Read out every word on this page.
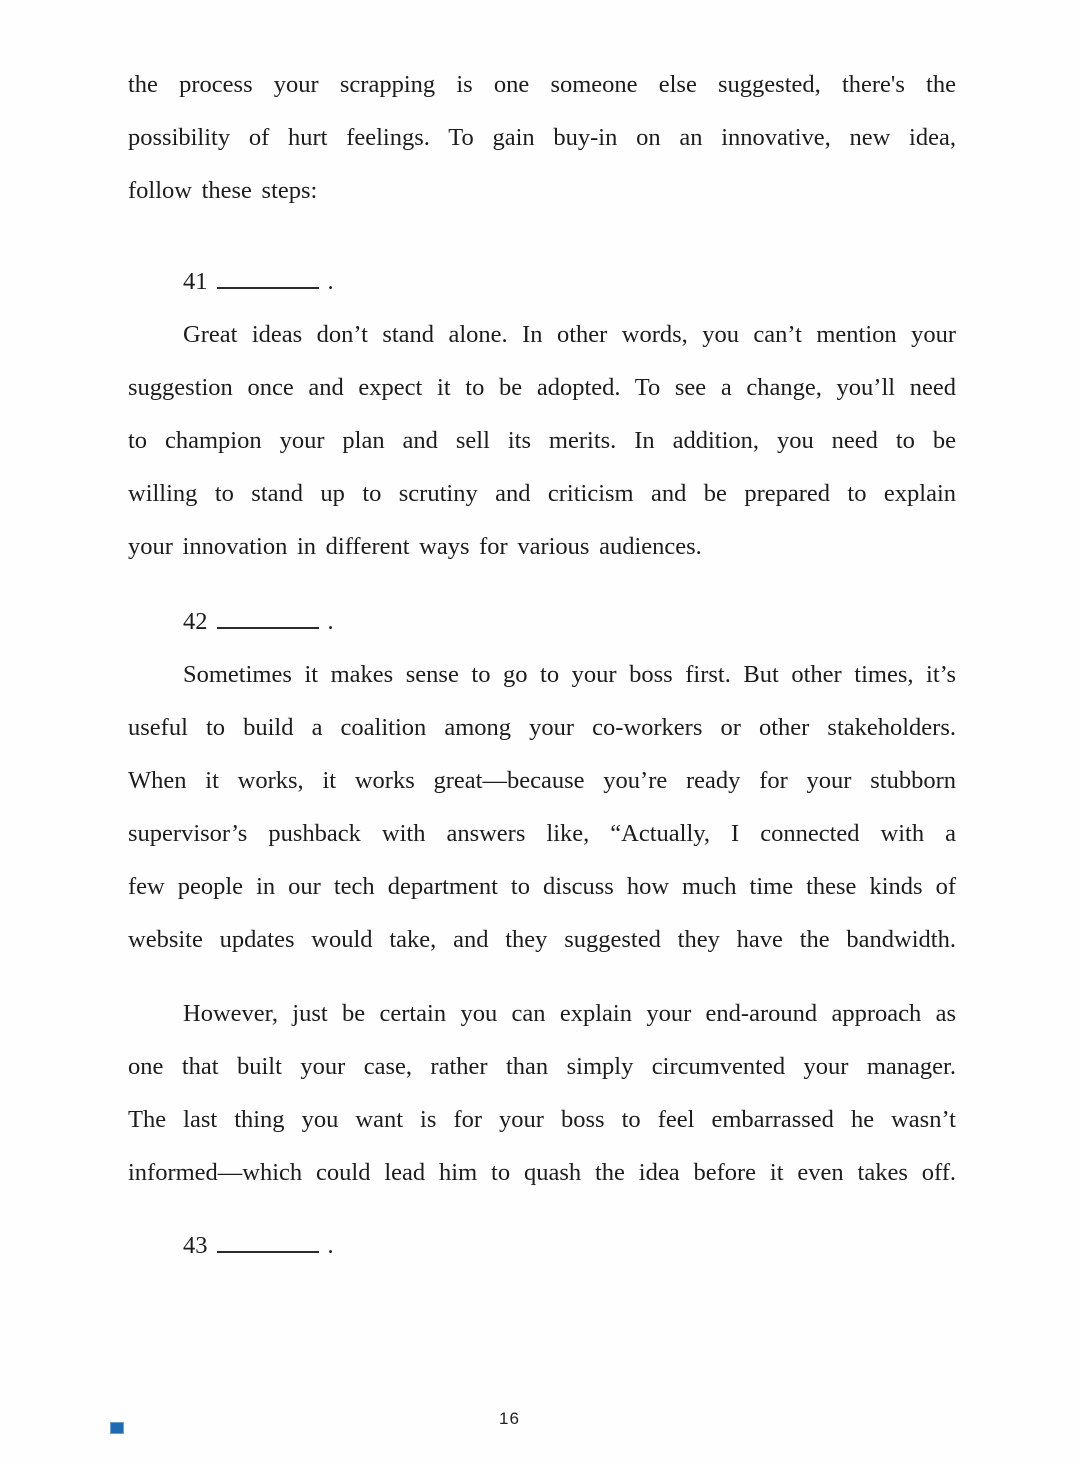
the process your scrapping is one someone else suggested, there's the
possibility of hurt feelings. To gain buy-in on an innovative, new idea,
follow these steps:
41	.
Great ideas don’t stand alone. In other words, you can’t mention your
suggestion once and expect it to be adopted. To see a change, you’ll need
to champion your plan and sell its merits. In addition, you need to be
willing to stand up to scrutiny and criticism and be prepared to explain
your innovation in different ways for various audiences.
42	.
Sometimes it makes sense to go to your boss first. But other times, it’s
useful to build a coalition among your co-workers or other stakeholders.
When it works, it works great—because you’re ready for your stubborn
supervisor’s pushback with answers like, “Actually, I connected with a
few people in our tech department to discuss how much time these kinds of
website updates would take, and they suggested they have the bandwidth.
However, just be certain you can explain your end-around approach as
one that built your case, rather than simply circumvented your manager.
The last thing you want is for your boss to feel embarrassed he wasn’t
informed—which could lead him to quash the idea before it even takes off.
43	.
16
